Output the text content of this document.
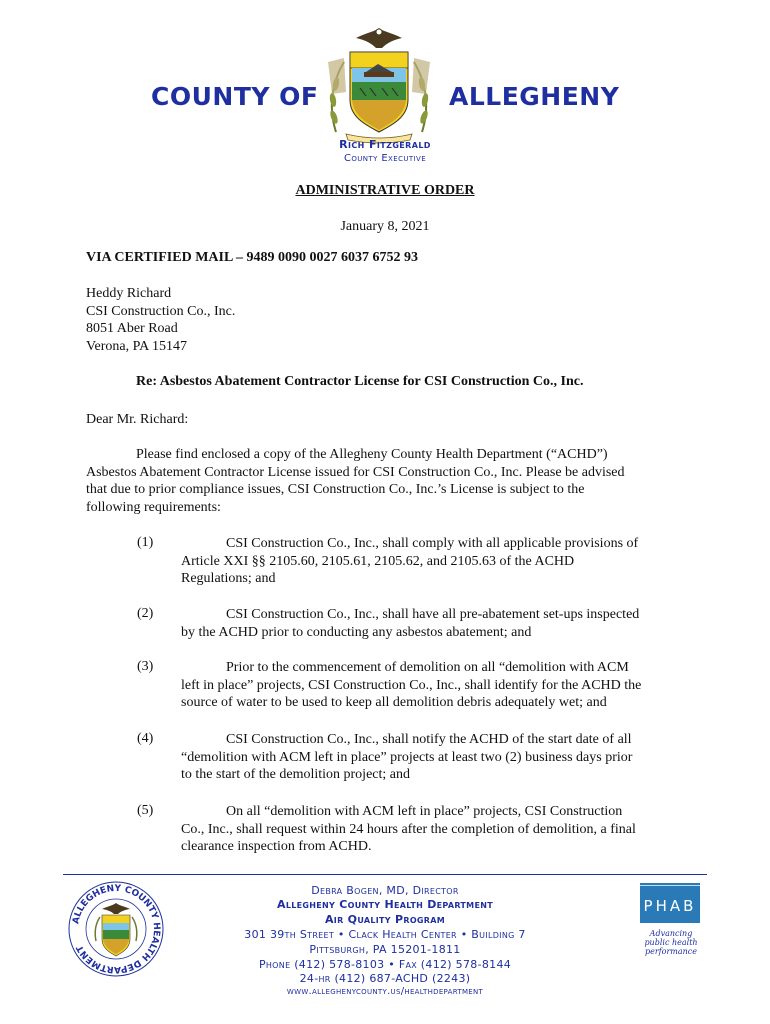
COUNTY OF	ALLEGHENY
Rich Fitzgerald
County Executive
ADMINISTRATIVE ORDER
January 8, 2021
VIA CERTIFIED MAIL – 9489 0090 0027 6037 6752 93
Heddy Richard
CSI Construction Co., Inc.
8051 Aber Road
Verona, PA 15147
Re: Asbestos Abatement Contractor License for CSI Construction Co., Inc.
Dear Mr. Richard:
Please find enclosed a copy of the Allegheny County Health Department (“ACHD”)
Asbestos Abatement Contractor License issued for CSI Construction Co., Inc. Please be advised
that due to prior compliance issues, CSI Construction Co., Inc.’s License is subject to the
following requirements:
(1)	CSI Construction Co., Inc., shall comply with all applicable provisions of
Article XXI §§ 2105.60, 2105.61, 2105.62, and 2105.63 of the ACHD
Regulations; and
(2)	CSI Construction Co., Inc., shall have all pre-abatement set-ups inspected
by the ACHD prior to conducting any asbestos abatement; and
(3)	Prior to the commencement of demolition on all “demolition with ACM
left in place” projects, CSI Construction Co., Inc., shall identify for the ACHD the
source of water to be used to keep all demolition debris adequately wet; and
(4)	CSI Construction Co., Inc., shall notify the ACHD of the start date of all
“demolition with ACM left in place” projects at least two (2) business days prior
to the start of the demolition project; and
(5)	On all “demolition with ACM left in place” projects, CSI Construction
Co., Inc., shall request within 24 hours after the completion of demolition, a final
clearance inspection from ACHD.
ALLEGHENY COUNTY HEALTH DEPARTMENT
Debra Bogen, MD, Director
Allegheny County Health Department
Air Quality Program
301 39th Street • Clack Health Center • Building 7
Pittsburgh, PA 15201-1811
Phone (412) 578-8103 • Fax (412) 578-8144
24-hr (412) 687-ACHD (2243)
www.alleghenycounty.us/healthdepartment
PHAB
Advancing
public health
performance
